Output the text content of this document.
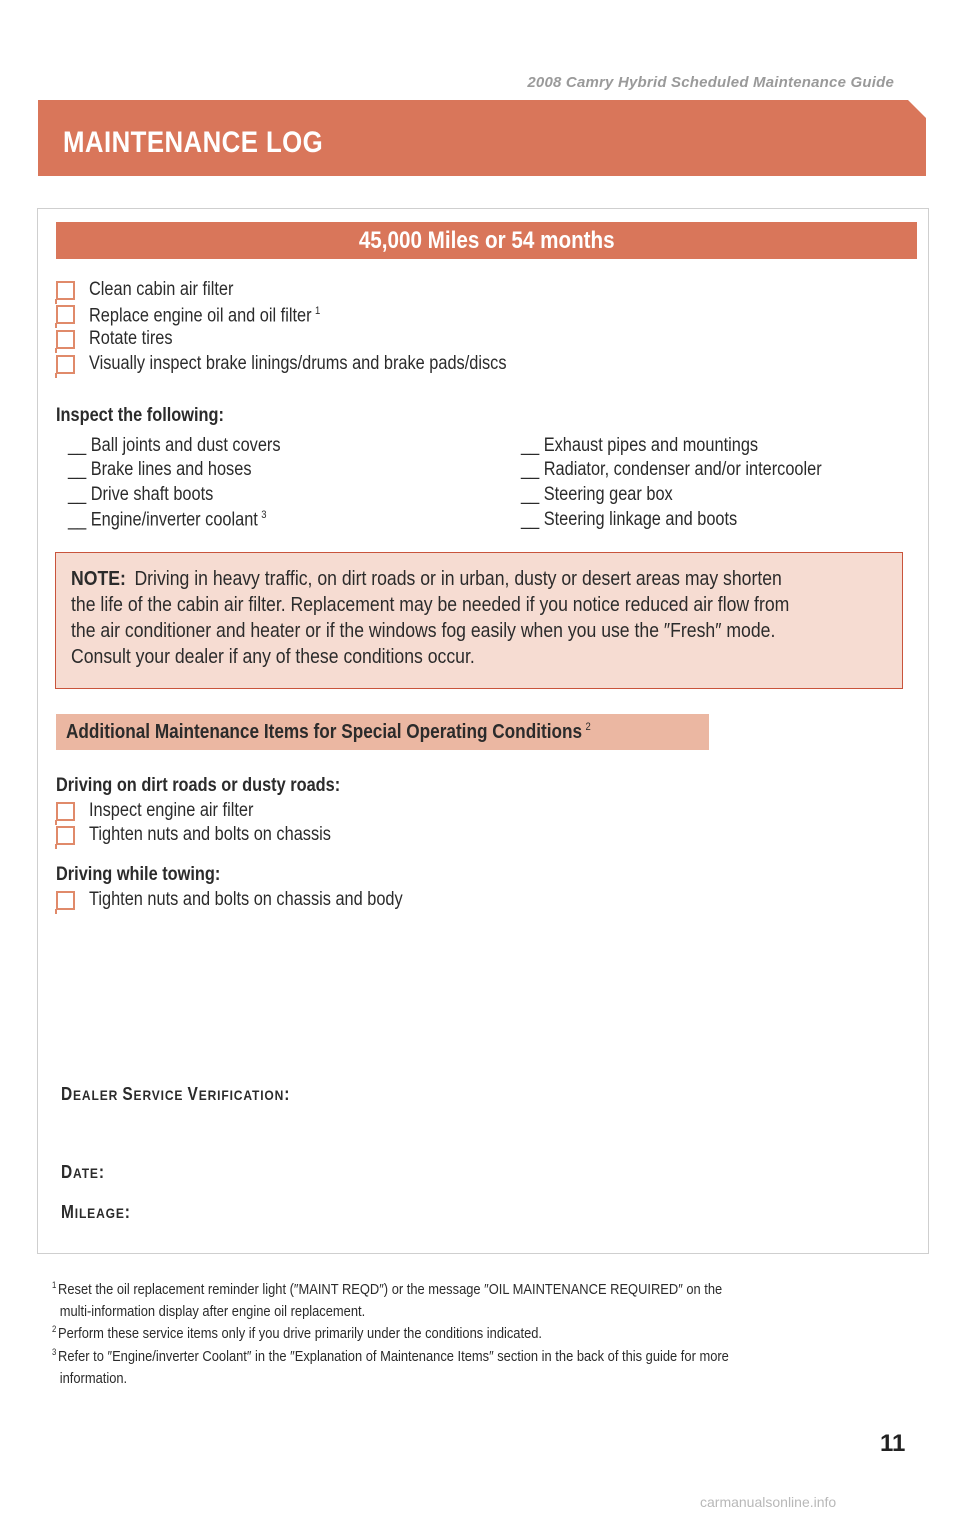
2008 Camry Hybrid Scheduled Maintenance Guide
MAINTENANCE LOG
45,000 Miles or 54 months
Clean cabin air filter
Replace engine oil and oil filter $^1$
Rotate tires
Visually inspect brake linings/drums and brake pads/discs
Inspect the following:
__ Ball joints and dust covers
__ Brake lines and hoses
__ Drive shaft boots
__ Engine/inverter coolant $^3$
__ Exhaust pipes and mountings
__ Radiator, condenser and/or intercooler
__ Steering gear box
__ Steering linkage and boots
NOTE: Driving in heavy traffic, on dirt roads or in urban, dusty or desert areas may shorten
the life of the cabin air filter. Replacement may be needed if you notice reduced air flow from
the air conditioner and heater or if the windows fog easily when you use the ″Fresh″ mode.
Consult your dealer if any of these conditions occur.
Additional Maintenance Items for Special Operating Conditions $^2$
Driving on dirt roads or dusty roads:
Inspect engine air filter
Tighten nuts and bolts on chassis
Driving while towing:
Tighten nuts and bolts on chassis and body
DEALER SERVICE VERIFICATION:
DATE:
MILEAGE:
$^1$ Reset the oil replacement reminder light (″MAINT REQD″) or the message ″OIL MAINTENANCE REQUIRED″ on the
multi-information display after engine oil replacement.
$^2$ Perform these service items only if you drive primarily under the conditions indicated.
$^3$ Refer to ″Engine/inverter Coolant″ in the ″Explanation of Maintenance Items″ section in the back of this guide for more
information.
11
carmanualsonline.info
